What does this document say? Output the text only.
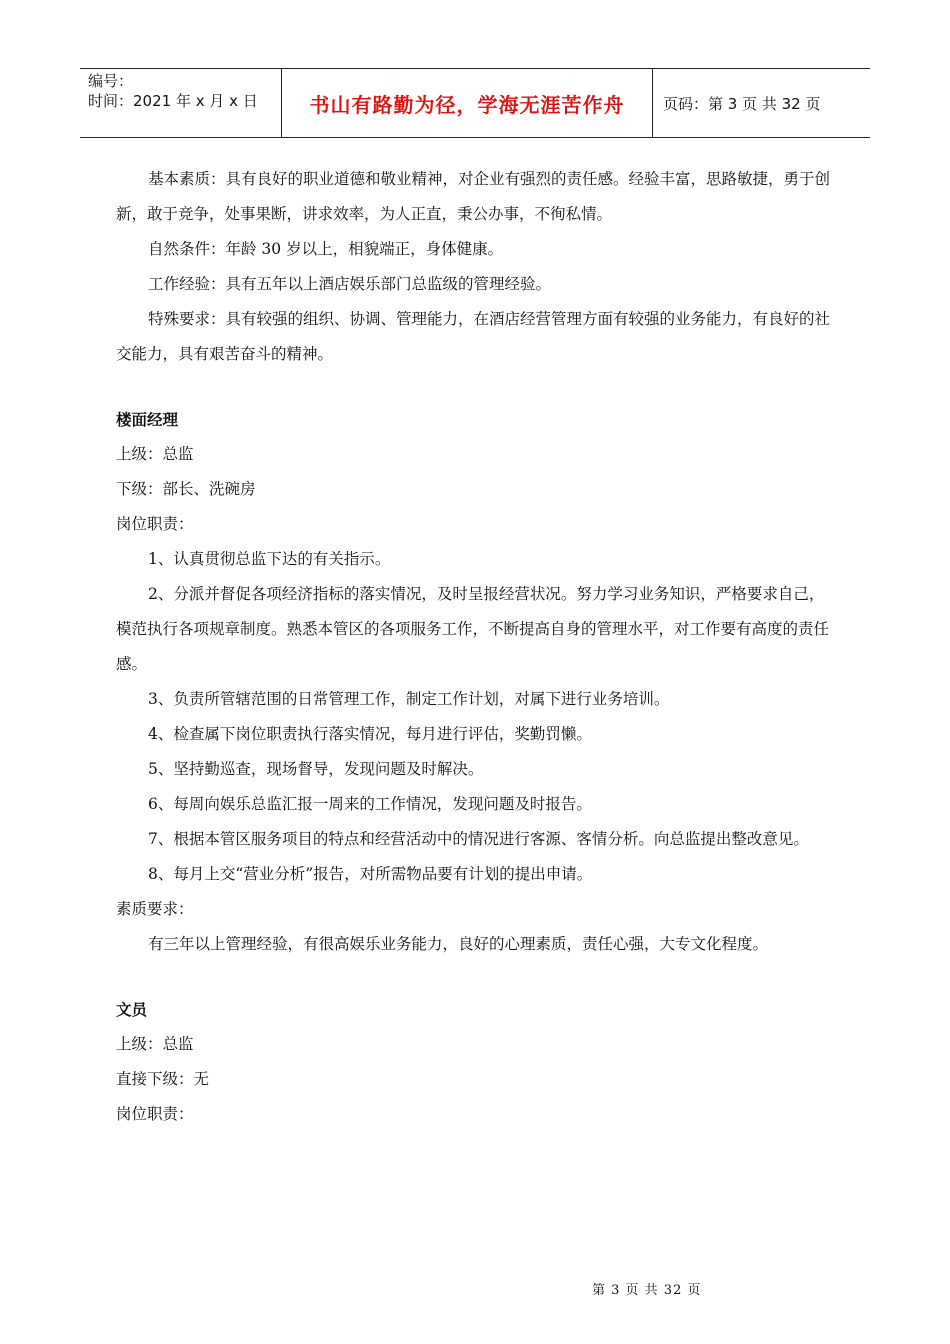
编号：
时间：2021 年 x 月 x 日	书山有路勤为径，学海无涯苦作舟	页码：第 3 页 共 32 页

基本素质：具有良好的职业道德和敬业精神，对企业有强烈的责任感。经验丰富，思路敏捷，勇于创新，敢于竞争，处事果断，讲求效率，为人正直，秉公办事，不徇私情。

自然条件：年龄 30 岁以上，相貌端正，身体健康。

工作经验：具有五年以上酒店娱乐部门总监级的管理经验。

特殊要求：具有较强的组织、协调、管理能力，在酒店经营管理方面有较强的业务能力，有良好的社交能力，具有艰苦奋斗的精神。

楼面经理

上级：总监

下级：部长、洗碗房

岗位职责：

1、认真贯彻总监下达的有关指示。

2、分派并督促各项经济指标的落实情况，及时呈报经营状况。努力学习业务知识，严格要求自己，模范执行各项规章制度。熟悉本管区的各项服务工作，不断提高自身的管理水平，对工作要有高度的责任感。

3、负责所管辖范围的日常管理工作，制定工作计划，对属下进行业务培训。

4、检查属下岗位职责执行落实情况，每月进行评估，奖勤罚懒。

5、坚持勤巡查，现场督导，发现问题及时解决。

6、每周向娱乐总监汇报一周来的工作情况，发现问题及时报告。

7、根据本管区服务项目的特点和经营活动中的情况进行客源、客情分析。向总监提出整改意见。

8、每月上交“营业分析”报告，对所需物品要有计划的提出申请。

素质要求：

有三年以上管理经验，有很高娱乐业务能力，良好的心理素质，责任心强，大专文化程度。

文员

上级：总监

直接下级：无

岗位职责：

第 3 页 共 32 页
